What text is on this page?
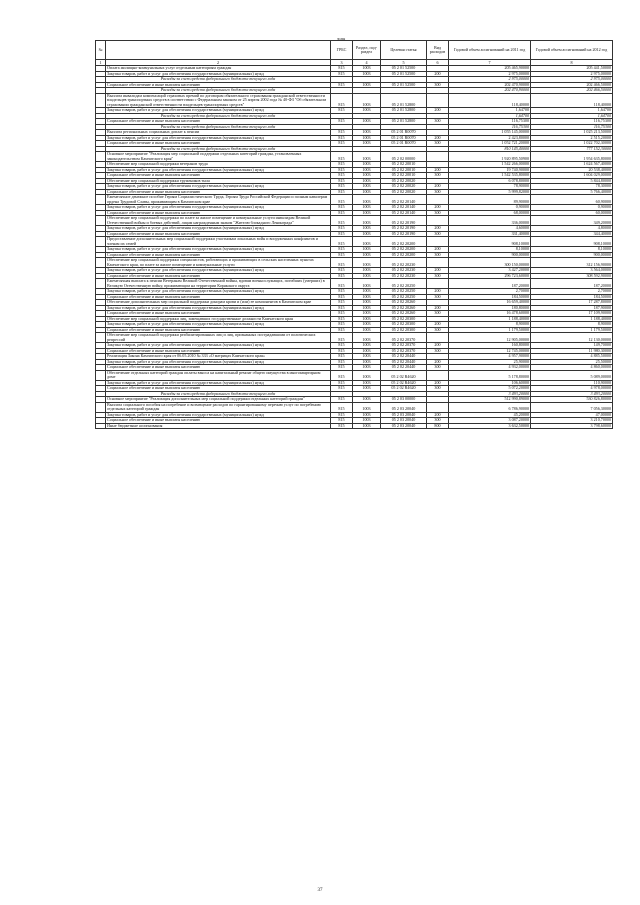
зоды
№		ГРБС	Раздел, под-раздел	Целевая статья	Вид расходов	Годовой объем ассигнований на 2011 год	Годовой объем ассигнований на 2012 год
1	2	3	4	5	6	7	8
	Оплата жилищно-коммунальных услуг отдельным категориям граждан	815	1003	05 2 01 52500		205 465,90000	205 441,50000
	Закупка товаров, работ и услуг для обеспечения государственных (муниципальных) нужд	815	1003	05 2 01 52500	200	2 975,00000	2 975,00000
	Расходы за счет средств федерального бюджета текущего года					2 975,00000	2 975,00000
	Социальное обеспечение и иные выплаты населению	815	1003	05 2 01 52500	300	202 470,90000	202 466,50000
	Расходы за счет средств федерального бюджета текущего года					202 470,90000	202 466,50000
	Выплата инвалидам компенсаций страховых премий по договорам обязательного страхования гражданской ответственности владельцев транспортных средств в соответствии с Федеральным законом от 25 апреля 2002 года № 40-ФЗ "Об обязательном страховании гражданской ответственности владельцев транспортных средств"	815	1003	05 2 01 52800		118,40000	118,40000
	Закупка товаров, работ и услуг для обеспечения государственных (муниципальных) нужд	815	1003	05 2 01 52800	200	1,64700	1,64700
	Расходы за счет средств федерального бюджета текущего года					1,64700	1,64700
	Социальное обеспечение и иные выплаты населению	815	1003	05 2 01 52800	300	116,75300	116,75300
	Расходы за счет средств федерального бюджета текущего года					116,75300	116,75300
	Выплата региональных социальных доплат к пенсии	815	1003	05 2 01 R0070		1 055 145,00000	1 025 213,50000
	Закупка товаров, работ и услуг для обеспечения государственных (муниципальных) нужд	815	1003	05 2 01 R0070	200	2 423,80000	2 515,20000
	Социальное обеспечение и иные выплаты населению	815	1003	05 2 01 R0070	300	1 052 721,20000	1 022 702,30000
	Расходы за счет средств федерального бюджета текущего года					810 145,40000	777 152,30000
	Основное мероприятие "Реализация мер социальной поддержки отдельных категорий граждан, установленных законодательством Камчатского края"	815	1003	05 2 02 00000		1 920 895,50900	1 954 635,80000
	Обеспечение мер социальной поддержки ветеранов труда	815	1003	05 2 02 20010		1 542 266,00000	1 624 567,40000
	Закупка товаров, работ и услуг для обеспечения государственных (муниципальных) нужд	815	1003	05 2 02 20010	200	19 740,90000	20 538,40000
	Социальное обеспечение и иные выплаты населению	815	1003	05 2 02 20010	300	1 542 535,80000	1 604 029,00000
	Обеспечение мер социальной поддержки тружеников тыла	815	1003	05 2 02 20020		6 078,80000	5 844,80000
	Закупка товаров, работ и услуг для обеспечения государственных (муниципальных) нужд	815	1003	05 2 02 20020	200	78,90000	78,30000
	Социальное обеспечение и иные выплаты населению	815	1003	05 2 02 20020	300	5 999,82000	5 766,40000
	Ежемесячное денежное пособие Героям Социалистического Труда, Героям Труда Российской Федерации и полным кавалерам ордена Трудовой Славы, проживающим в Камчатском крае	815	1003	05 2 02 20140		89,90000	60,90000
	Закупка товаров, работ и услуг для обеспечения государственных (муниципальных) нужд	815	1003	05 2 02 20140	200	0,90000	0,90000
	Социальное обеспечение и иные выплаты населению	815	1003	05 2 02 20140	300	68,00000	60,00000
	Обеспечение мер социальной поддержки по плате за жилое помещение и коммунальные услуги инвалидам Великой Отечественной войны и боевых действий, лицам награжденным знаком "Жителю блокадного Ленинграда"	815	1003	05 2 02 20190		336,00000	349,20000
	Закупка товаров, работ и услуг для обеспечения государственных (муниципальных) нужд	815	1003	05 2 02 20190	200	4,60000	4,80000
	Социальное обеспечение и иные выплаты населению	815	1003	05 2 02 20190	300	331,40000	344,40000
	Предоставление дополнительных мер социальной поддержки участникам локальных войн и вооруженных конфликтов и членам их семей	815	1003	05 2 02 20200		908,10000	908,10000
	Закупка товаров, работ и услуг для обеспечения государственных (муниципальных) нужд	815	1003	05 2 02 20200	200	8,10000	8,10000
	Социальное обеспечение и иные выплаты населению	815	1003	05 2 02 20200	300	900,00000	900,00000
	Обеспечение мер социальной поддержки специалистов, работающих и проживающих в сельских населенных пунктах Камчатского края, по плате за жилое помещение и коммунальные услуги	815	1003	05 2 02 20230		300 150,00000	312 156,90000
	Закупка товаров, работ и услуг для обеспечения государственных (муниципальных) нужд	815	1003	05 2 02 20230	200	3 427,20000	3 564,00000
	Социальное обеспечение и иные выплаты населению	815	1003	05 2 02 20230	300	296 723,60000	308 592,90000
	Ежемесячная выплата к пенсии Ветеранам Великой Отечественной войны, вдовам военнослужащих, погибших (умерших) в Великую Отечественную войну, проживающим на территории Корякского округа	815	1003	05 2 02 20250		187,20000	187,20000
	Закупка товаров, работ и услуг для обеспечения государственных (муниципальных) нужд	815	1003	05 2 02 20250	200	2,70000	2,70000
	Социальное обеспечение и иные выплаты населению	815	1003	05 2 02 20250	300	184,50000	184,50000
	Обеспечение дополнительных мер социальной поддержки донорам крови и (или) ее компонентов в Камчатском крае	815	1003	05 2 02 20260		16 659,40000	17 287,80000
	Закупка товаров, работ и услуг для обеспечения государственных (муниципальных) нужд	815	1003	05 2 02 20260	200	180,80000	187,90000
	Социальное обеспечение и иные выплаты населению	815	1003	05 2 02 20260	300	16 478,60000	17 109,90000
	Обеспечение мер социальной поддержки лиц, замещавших государственные должности Камчатского края	815	1003	05 2 02 20300		1 188,40000	1 188,40000
	Закупка товаров, работ и услуг для обеспечения государственных (муниципальных) нужд	815	1003	05 2 02 20300	200	8,90000	8,90000
	Социальное обеспечение и иные выплаты населению	815	1003	05 2 02 20300	300	1 179,50000	1 179,50000
	Обеспечение мер социальной поддержки реабилитированных лиц и лиц, признанных пострадавшими от политических репрессий	815	1003	05 2 02 20370		12 905,00000	12 130,00000
	Закупка товаров, работ и услуг для обеспечения государственных (муниципальных) нужд	815	1003	05 2 02 20370	200	160,80000	149,70000
	Социальное обеспечение и иные выплаты населению	815	1003	05 2 02 20370	300	12 745,00000	11 980,30000
	Реализация Закона Камчатского края от 06.05.2010 № 333 «О матрицах Камчатского края»	815	1003	05 2 02 20440		4 957,90000	4 885,50000
	Закупка товаров, работ и услуг для обеспечения государственных (муниципальных) нужд	815	1003	05 2 02 20440	200	25,90000	25,50000
	Социальное обеспечение и иные выплаты населению	815	1003	05 2 02 20440	300	4 932,00000	4 860,00000
	Обеспечение отдельных категорий граждан оплаты взноса на капитальный ремонт общего имущества в многоквартирном доме	815	1003	05 2 02 R4620		5 178,80000	5 089,00000
	Закупка товаров, работ и услуг для обеспечения государственных (муниципальных) нужд	815	1003	05 2 02 R4620	200	106,60000	110,90000
	Социальное обеспечение и иные выплаты населению	815	1003	05 2 02 R4620	300	5 072,20000	4 978,00000
	Расходы за счет средств федерального бюджета текущего года					3 493,20000	3 493,20000
	Основное мероприятие "Реализация дополнительных мер социальной поддержки отдельных категорий граждан"	815	1003	05 2 03 00000		512 990,89000	530 826,80000
	Выплата социального пособия на погребение и возмещение расходов по гарантированному перечню услуг по погребению отдельных категорий граждан	815	1003	05 2 03 20040		6 786,90000	7 056,30000
	Закупка товаров, работ и услуг для обеспечения государственных (муниципальных) нужд	815	1003	05 2 03 20040	200	45,20000	47,00000
	Социальное обеспечение и иные выплаты населению	815	1003	05 2 03 20040	300	3 087,20000	3 210,70000
	Иные бюджетные ассигнования	815	1003	05 2 03 20040	800	3 632,50000	3 798,60000
37
